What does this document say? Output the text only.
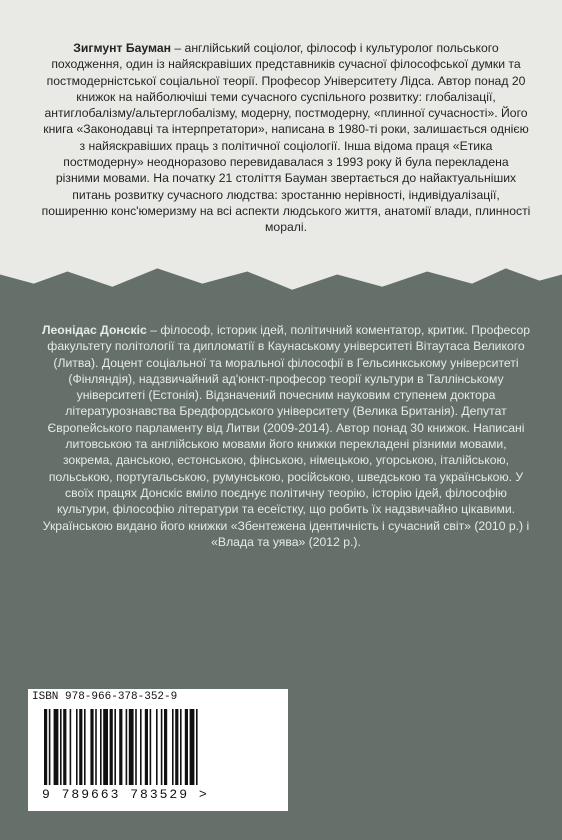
Зигмунт Бауман – англійський соціолог, філософ і культуролог польського походження, один із найяскравіших представників сучасної філософської думки та постмодерністської соціальної теорії. Професор Університету Лідса. Автор понад 20 книжок на найболючіші теми сучасного суспільного розвитку: глобалізації, антиглобалізму/альтерглобалізму, модерну, постмодерну, «плинної сучасності». Його книга «Законодавці та інтерпретатори», написана в 1980-ті роки, залишається однією з найяскравіших праць з політичної соціології. Інша відома праця «Етика постмодерну» неодноразово перевидавалася з 1993 року й була перекладена різними мовами. На початку 21 століття Бауман звертається до найактуальніших питань розвитку сучасного людства: зростанню нерівності, індивідуалізації, поширенню конс'юмеризму на всі аспекти людського життя, анатомії влади, плинності моралі.
Леонідас Донскіс – філософ, історик ідей, політичний коментатор, критик. Професор факультету політології та дипломатії в Каунаському університеті Вітаутаса Великого (Литва). Доцент соціальної та моральної філософії в Гельсинкському університеті (Фінляндія), надзвичайний ад'юнкт-професор теорії культури в Таллінському університеті (Естонія). Відзначений почесним науковим ступенем доктора літературознавства Бредфордського університету (Велика Британія). Депутат Європейського парламенту від Литви (2009-2014). Автор понад 30 книжок. Написані литовською та англійською мовами його книжки перекладені різними мовами, зокрема, данською, естонською, фінською, німецькою, угорською, італійською, польською, португальською, румунською, російською, шведською та українською. У своїх працях Донскіс вміло поєднує політичну теорію, історію ідей, філософію культури, філософію літератури та есеїстку, що робить їх надзвичайно цікавими. Українською видано його книжки «Збентежена ідентичність і сучасний світ» (2010 р.) і «Влада та уява» (2012 р.).
ISBN 978-966-378-352-9
9 789663 783529 >
